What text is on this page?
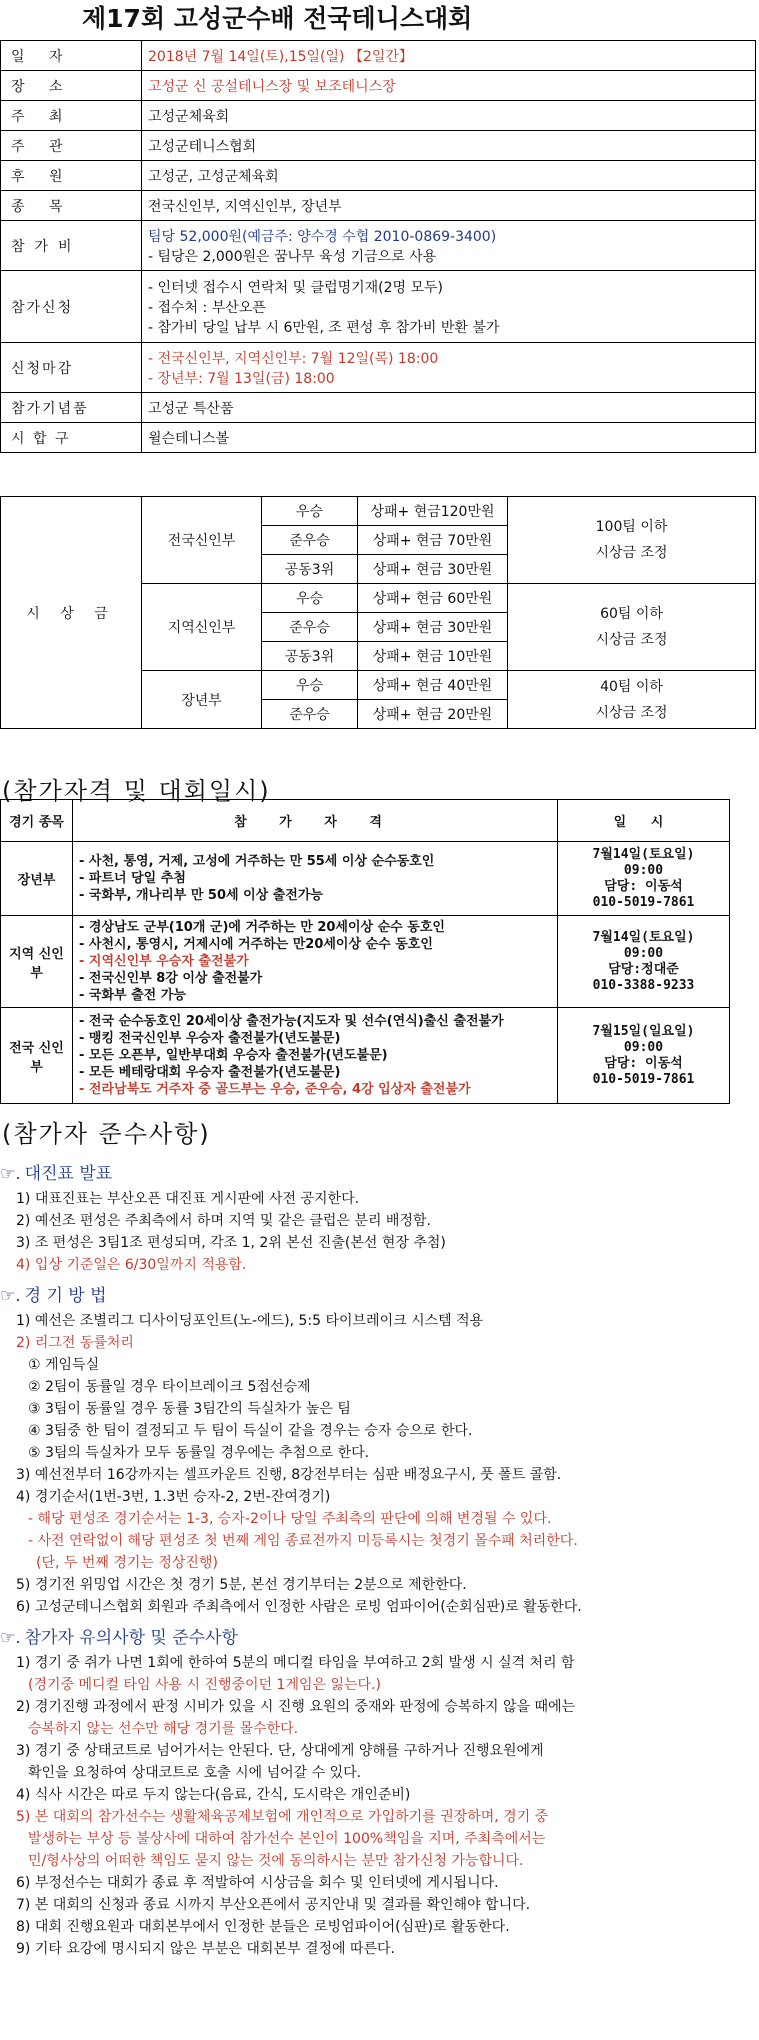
제17회 고성군수배 전국테니스대회
일 자	2018년 7월 14일(토),15일(일) 【2일간】

장 소	고성군 신 공설테니스장 및 보조테니스장

주 최	고성군체육회

주 관	고성군테니스협회

후 원	고성군, 고성군체육회

종 목	전국신인부, 지역신인부, 장년부

참가비	팀당 52,000원(예금주: 양수경 수협 2010-0869-3400)
- 팀당은 2,000원은 꿈나무 육성 기금으로 사용

참가신청	- 인터넷 접수시 연락처 및 클럽명기재(2명 모두)
- 접수처 : 부산오픈
- 참가비 당일 납부 시 6만원, 조 편성 후 참가비 반환 불가

신청마감	- 전국신인부, 지역신인부: 7월 12일(목) 18:00
- 장년부: 7월 13일(금) 18:00

참가기념품	고성군 특산품

시 합 구	윌슨테니스볼
시 상 금	전국신인부	우승	상패+ 현금120만원	100팀 이하
시상금 조정

		준우승	상패+ 현금 70만원	
		공동3위	상패+ 현금 30만원	
	지역신인부	우승	상패+ 현금 60만원	60팀 이하
시상금 조정

		준우승	상패+ 현금 30만원	
		공동3위	상패+ 현금 10만원	
	장년부	우승	상패+ 현금 40만원	40팀 이하
시상금 조정

		준우승	상패+ 현금 20만원	
(참가자격 및 대회일시)
경기 종목	참 가 자 격	일 시
장년부	- 사천, 통영, 거제, 고성에 거주하는 만 55세 이상 순수동호인
- 파트너 당일 추첨
- 국화부, 개나리부 만 50세 이상 출전가능	7월14일(토요일)
09:00
담당: 이동석
010-5019-7861

지역 신인부	- 경상남도 군부(10개 군)에 거주하는 만 20세이상 순수 동호인
- 사천시, 통영시, 거제시에 거주하는 만20세이상 순수 동호인
- 지역신인부 우승자 출전불가
- 전국신인부 8강 이상 출전불가
- 국화부 출전 가능	7월14일(토요일)
09:00
담당:정대준
010-3388-9233

전국 신인부	- 전국 순수동호인 20세이상 출전가능(지도자 및 선수(연식)출신 출전불가
- 맹킹 전국신인부 우승자 출전불가(년도불문)
- 모든 오픈부, 일반부대회 우승자 출전불가(년도불문)
- 모든 베테랑대회 우승자 출전불가(년도불문)
- 전라남북도 거주자 중 골드부는 우승, 준우승, 4강 입상자 출전불가	7월15일(일요일)
09:00
담당: 이동석
010-5019-7861
(참가자 준수사항)
☞. 대진표 발표
1) 대표진표는 부산오픈 대진표 게시판에 사전 공지한다.
2) 예선조 편성은 주최측에서 하며 지역 및 같은 클럽은 분리 배정함.
3) 조 편성은 3팀1조 편성되며, 각조 1, 2위 본선 진출(본선 현장 추첨)
4) 입상 기준일은 6/30일까지 적용함.
☞. 경 기 방 법
1) 예선은 조별리그 디사이딩포인트(노-에드), 5:5 타이브레이크 시스템 적용
2) 리그전 동률처리
① 게임득실
② 2팀이 동률일 경우 타이브레이크 5점선승제
③ 3팀이 동률일 경우 동률 3팀간의 득실차가 높은 팀
④ 3팀중 한 팀이 결정되고 두 팀이 득실이 같을 경우는 승자 승으로 한다.
⑤ 3팀의 득실차가 모두 동률일 경우에는 추첨으로 한다.
3) 예선전부터 16강까지는 셀프카운트 진행, 8강전부터는 심판 배정요구시, 풋 폴트 콜함.
4) 경기순서(1번-3번, 1.3번 승자-2, 2번-잔여경기)
- 해당 편성조 경기순서는 1-3, 승자-2이나 당일 주최측의 판단에 의해 변경될 수 있다.
- 사전 연락없이 해당 편성조 첫 번째 게임 종료전까지 미등록시는 첫경기 몰수패 처리한다.
(단, 두 번째 경기는 정상진행)
5) 경기전 위밍업 시간은 첫 경기 5분, 본선 경기부터는 2분으로 제한한다.
6) 고성군테니스협회 회원과 주최측에서 인정한 사람은 로빙 엄파이어(순회심판)로 활동한다.
☞. 참가자 유의사항 및 준수사항
1) 경기 중 쥐가 나면 1회에 한하여 5분의 메디컬 타임을 부여하고 2회 발생 시 실격 처리 함
(경기중 메디컬 타임 사용 시 진행중이던 1게임은 잃는다.)
2) 경기진행 과정에서 판정 시비가 있을 시 진행 요원의 중재와 판정에 승복하지 않을 때에는
승복하지 않는 선수만 해당 경기를 몰수한다.
3) 경기 중 상태코트로 넘어가서는 안된다. 단, 상대에게 양해를 구하거나 진행요원에게
확인을 요청하여 상대코트로 호출 시에 넘어갈 수 있다.
4) 식사 시간은 따로 두지 않는다(음료, 간식, 도시락은 개인준비)
5) 본 대회의 참가선수는 생활체육공제보험에 개인적으로 가입하기를 권장하며, 경기 중
발생하는 부상 등 불상사에 대하여 참가선수 본인이 100%책임을 지며, 주최측에서는
민/형사상의 어떠한 책임도 묻지 않는 것에 동의하시는 분만 참가신청 가능합니다.
6) 부정선수는 대회가 종료 후 적발하여 시상금을 회수 및 인터넷에 게시됩니다.
7) 본 대회의 신청과 종료 시까지 부산오픈에서 공지안내 및 결과를 확인해야 합니다.
8) 대회 진행요원과 대회본부에서 인정한 분들은 로빙엄파이어(심판)로 활동한다.
9) 기타 요강에 명시되지 않은 부분은 대회본부 결정에 따른다.
